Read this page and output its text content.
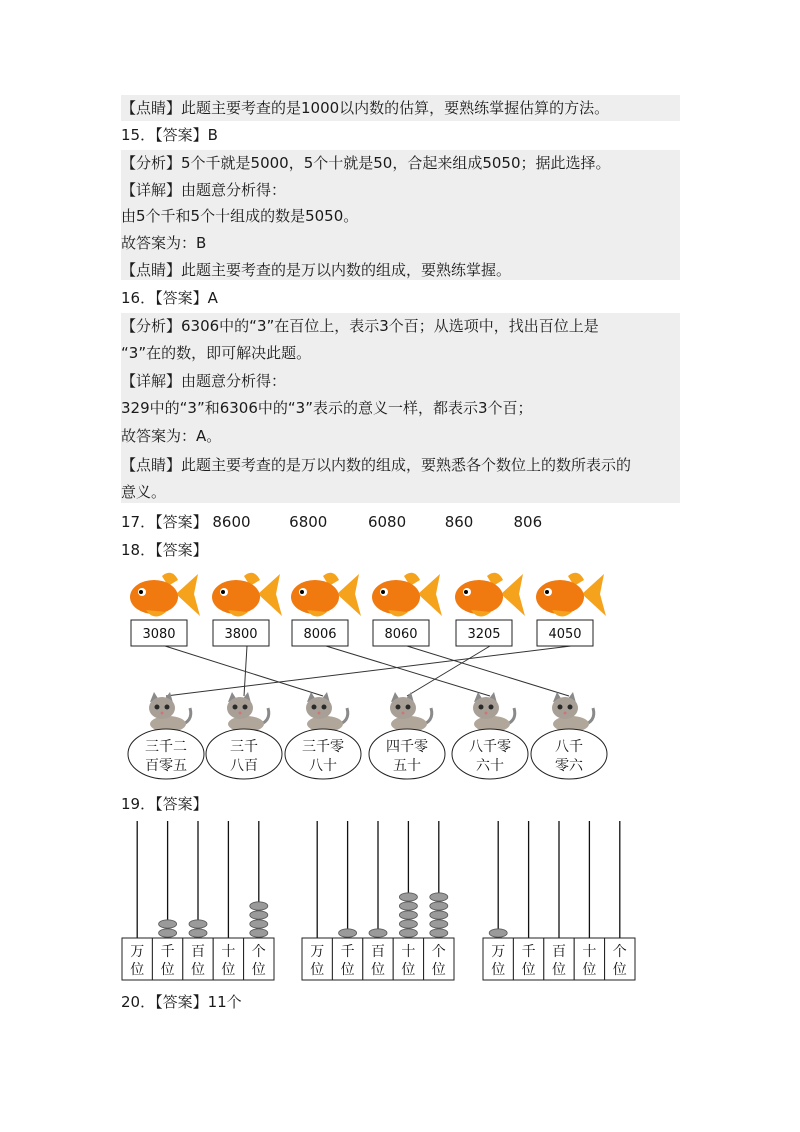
【点睛】此题主要考查的是1000以内数的估算，要熟练掌握估算的方法。
15．【答案】B
【分析】5个千就是5000，5个十就是50，合起来组成5050；据此选择。
【详解】由题意分析得：
由5个千和5个十组成的数是5050。
故答案为：B
【点睛】此题主要考查的是万以内数的组成，要熟练掌握。
16．【答案】A
【分析】6306中的“3”在百位上，表示3个百；从选项中，找出百位上是
“3”在的数，即可解决此题。
【详解】由题意分析得：
329中的“3”和6306中的“3”表示的意义一样，都表示3个百；
故答案为：A。
【点睛】此题主要考查的是万以内数的组成，要熟悉各个数位上的数所表示的
意义。
17．【答案】 8600	6800	6080	860	806
18．【答案】
3080	3800	8006	8060	3205	4050
三千二
百零五
三千
八百
三千零
八十
四千零
五十
八千零
六十
八千
零六
19．【答案】
万
位
千
位
百
位
十
位
个
位
万
位
千
位
百
位
十
位
个
位
万
位
千
位
百
位
十
位
个
位
20．【答案】11个
